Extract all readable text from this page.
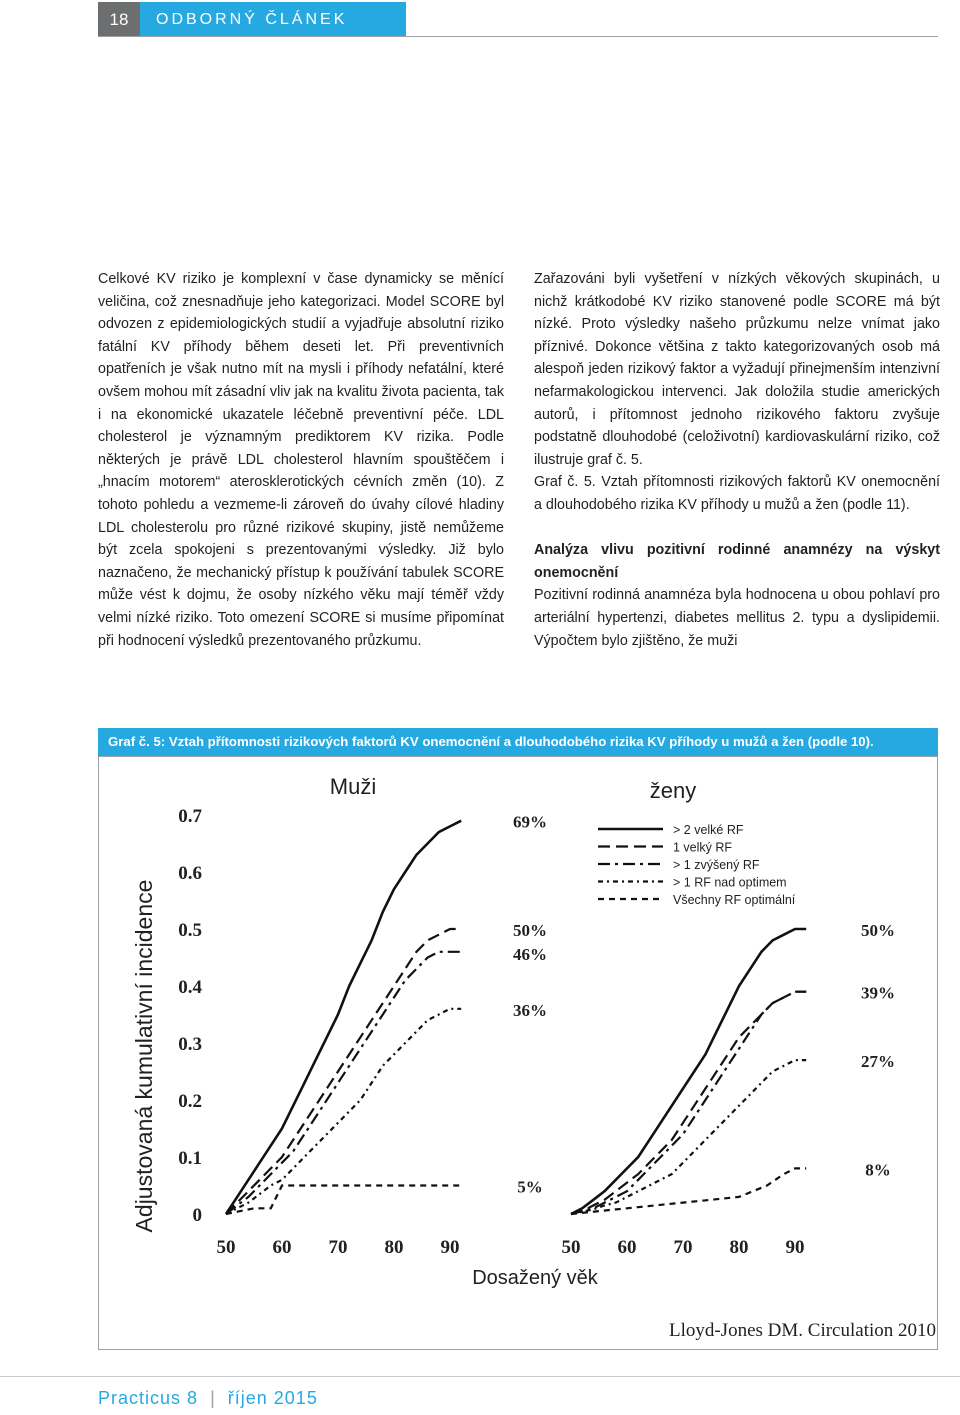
18	ODBORNÝ ČLÁNEK

Celkové KV riziko je komplexní v čase dynamicky se měnící veličina, což znesnadňuje jeho kategorizaci. Model SCORE byl odvozen z epidemiologických studií a vyjadřuje absolutní riziko fatální KV příhody během deseti let. Při preventivních opatřeních je však nutno mít na mysli i příhody nefatální, které ovšem mohou mít zásadní vliv jak na kvalitu života pacienta, tak i na ekonomické ukazatele léčebně preventivní péče. LDL cholesterol je významným prediktorem KV rizika. Podle některých je právě LDL cholesterol hlavním spouštěčem i „hnacím motorem“ aterosklerotických cévních změn (10). Z tohoto pohledu a vezmeme-li zároveň do úvahy cílové hladiny LDL cholesterolu pro různé rizikové skupiny, jistě nemůžeme být zcela spokojeni s prezentovanými výsledky. Již bylo naznačeno, že mechanický přístup k používání tabulek SCORE může vést k dojmu, že osoby nízkého věku mají téměř vždy velmi nízké riziko. Toto omezení SCORE si musíme připomínat při hodnocení výsledků prezentovaného průzkumu.

Zařazováni byli vyšetření v nízkých věkových skupinách, u nichž krátkodobé KV riziko stanovené podle SCORE má být nízké. Proto výsledky našeho průzkumu nelze vnímat jako příznivé. Dokonce většina z takto kategorizovaných osob má alespoň jeden rizikový faktor a vyžadují přinejmenším intenzivní nefarmakologickou intervenci. Jak doložila studie amerických autorů, i přítomnost jednoho rizikového faktoru zvyšuje podstatně dlouhodobé (celoživotní) kardiovaskulární riziko, což ilustruje graf č. 5.

Graf č. 5. Vztah přítomnosti rizikových faktorů KV onemocnění a dlouhodobého rizika KV příhody u mužů a žen (podle 11).

Analýza vlivu pozitivní rodinné anamnézy na výskyt onemocnění

Pozitivní rodinná anamnéza byla hodnocena u obou pohlaví pro arteriální hypertenzi, diabetes mellitus 2. typu a dyslipidemii. Výpočtem bylo zjištěno, že muži

Graf č. 5: Vztah přítomnosti rizikových faktorů KV onemocnění a dlouhodobého rizika KV příhody u mužů a žen (podle 10).
Adjustovaná kumulativní incidence
Muži	ženy
Dosažený věk
Lloyd-Jones DM. Circulation 2010
50 60 70 80 90
0
0.1
0.2
0.3
0.4
0.5
0.6
0.7	69%
50%
46%
36%
5%
50 60 70 80 90
50%
39%
27%
8%
> 2 velké RF
1 velký RF
> 1 zvýšený RF
> 1 RF nad optimem
Všechny RF optimální
Practicus 8  |  říjen 2015
